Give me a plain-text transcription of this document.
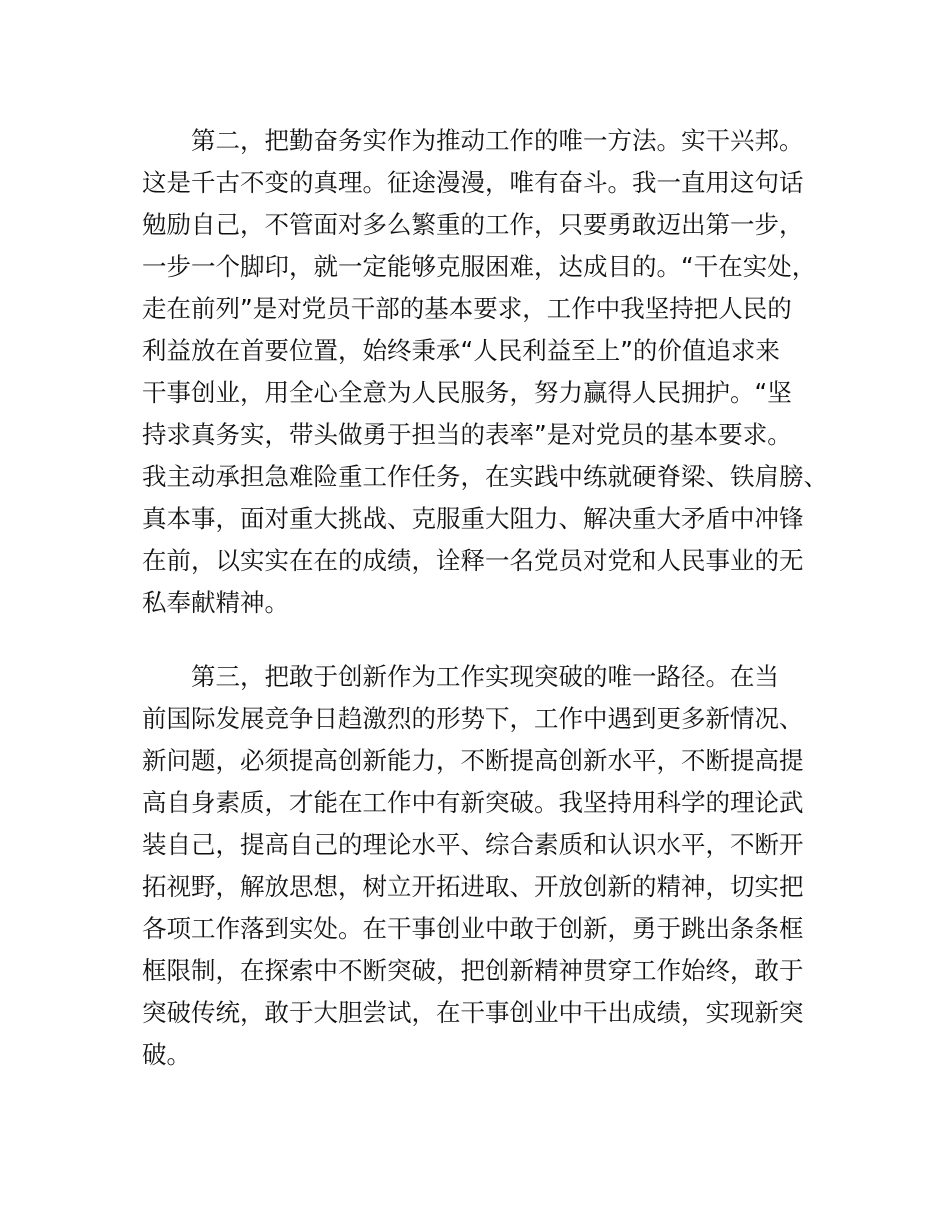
第二，把勤奋务实作为推动工作的唯一方法。实干兴邦。
这是千古不变的真理。征途漫漫，唯有奋斗。我一直用这句话
勉励自己，不管面对多么繁重的工作，只要勇敢迈出第一步，
一步一个脚印，就一定能够克服困难，达成目的。“干在实处，
走在前列”是对党员干部的基本要求，工作中我坚持把人民的
利益放在首要位置，始终秉承“人民利益至上”的价值追求来
干事创业，用全心全意为人民服务，努力赢得人民拥护。“坚
持求真务实，带头做勇于担当的表率”是对党员的基本要求。
我主动承担急难险重工作任务，在实践中练就硬脊梁、铁肩膀、
真本事，面对重大挑战、克服重大阻力、解决重大矛盾中冲锋
在前，以实实在在的成绩，诠释一名党员对党和人民事业的无
私奉献精神。
第三，把敢于创新作为工作实现突破的唯一路径。在当
前国际发展竞争日趋激烈的形势下，工作中遇到更多新情况、
新问题，必须提高创新能力，不断提高创新水平，不断提高提
高自身素质，才能在工作中有新突破。我坚持用科学的理论武
装自己，提高自己的理论水平、综合素质和认识水平，不断开
拓视野，解放思想，树立开拓进取、开放创新的精神，切实把
各项工作落到实处。在干事创业中敢于创新，勇于跳出条条框
框限制，在探索中不断突破，把创新精神贯穿工作始终，敢于
突破传统，敢于大胆尝试，在干事创业中干出成绩，实现新突
破。
